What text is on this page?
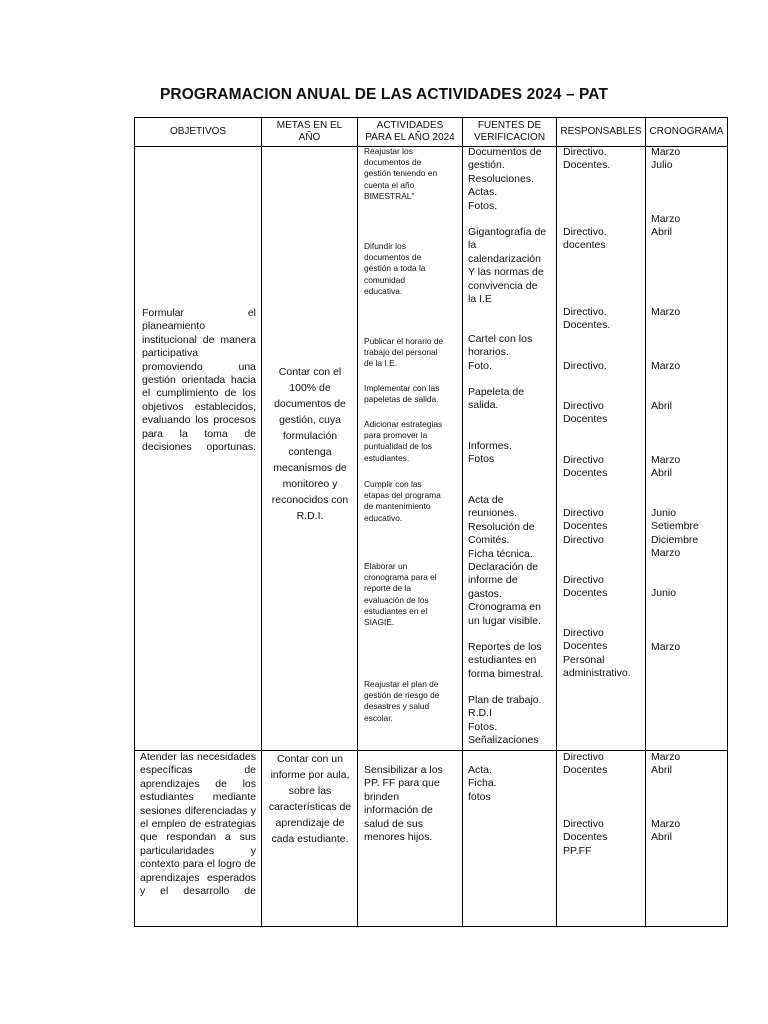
PROGRAMACION ANUAL DE LAS ACTIVIDADES 2024 – PAT
OBJETIVOS
METAS EN EL
AÑO
ACTIVIDADES
PARA EL AÑO 2024
FUENTES DE
VERIFICACION
RESPONSABLES CRONOGRAMA
Formular el planeamiento institucional de manera participativa promoviendo una gestión orientada hacia el cumplimiento de los objetivos establecidos, evaluando los procesos para la toma de decisiones oportunas.
Contar con el 100% de documentos de gestión, cuya formulación contenga mecanismos de monitoreo y reconocidos con R.D.I.
Reajustar los
documentos de
gestión teniendo en
cuenta el año
BIMESTRAL"
Difundir los
documentos de
gestión a toda la
comunidad
educativa.
Publicar el horario de
trabajo del personal
de la I.E.
Implementar con las
papeletas de salida.
Adicionar estrategias
para promover la
puntualidad de los
estudiantes.
Cumplir con las
etapas del programa
de mantenimiento
educativo.
Elaborar un
cronograma para el
reporte de la
evaluación de los
estudiantes en el
SIAGIE.
Reajustar el plan de
gestión de riesgo de
desastres y salud
escolar.
Documentos de
gestión.
Resoluciones.
Actas.
Fotos.
Gigantografía de
la
calendarización
Y las normas de
convivencia de
la I.E
Cartel con los
horarios.
Foto.
Papeleta de
salida.
Informes.
Fotos
Acta de
reuniones.
Resolución de
Comités.
Ficha técnica.
Declaración de
informe de
gastos.
Cronograma en
un lugar visible.
Reportes de los
estudiantes en
forma bimestral.
Plan de trabajo.
R.D.I
Fotos.
Señalizaciones
Directivo.
Docentes.
Directivo.
docentes
Directivo.
Docentes.
Directivo.
Directivo
Docentes
Directivo
Docentes
Directivo
Docentes
Directivo
Directivo
Docentes
Directivo
Docentes
Personal
administrativo.
Marzo
Julio
Marzo
Abril
Marzo
Marzo
Abril
Marzo
Abril
Junio
Setiembre
Diciembre
Marzo
Junio
Marzo
Atender las necesidades específicas de aprendizajes de los estudiantes mediante sesiones diferenciadas y el empleo de estrategias que respondan a sus particularidades y contexto para el logro de aprendizajes esperados y el desarrollo de
Contar con un informe por aula, sobre las características de aprendizaje de cada estudiante.
Sensibilizar a los
PP. FF para que
brinden
información de
salud de sus
menores hijos.
Acta.
Ficha.
fotos
Directivo
Docentes
Directivo
Docentes
PP.FF
Marzo
Abril
Marzo
Abril
